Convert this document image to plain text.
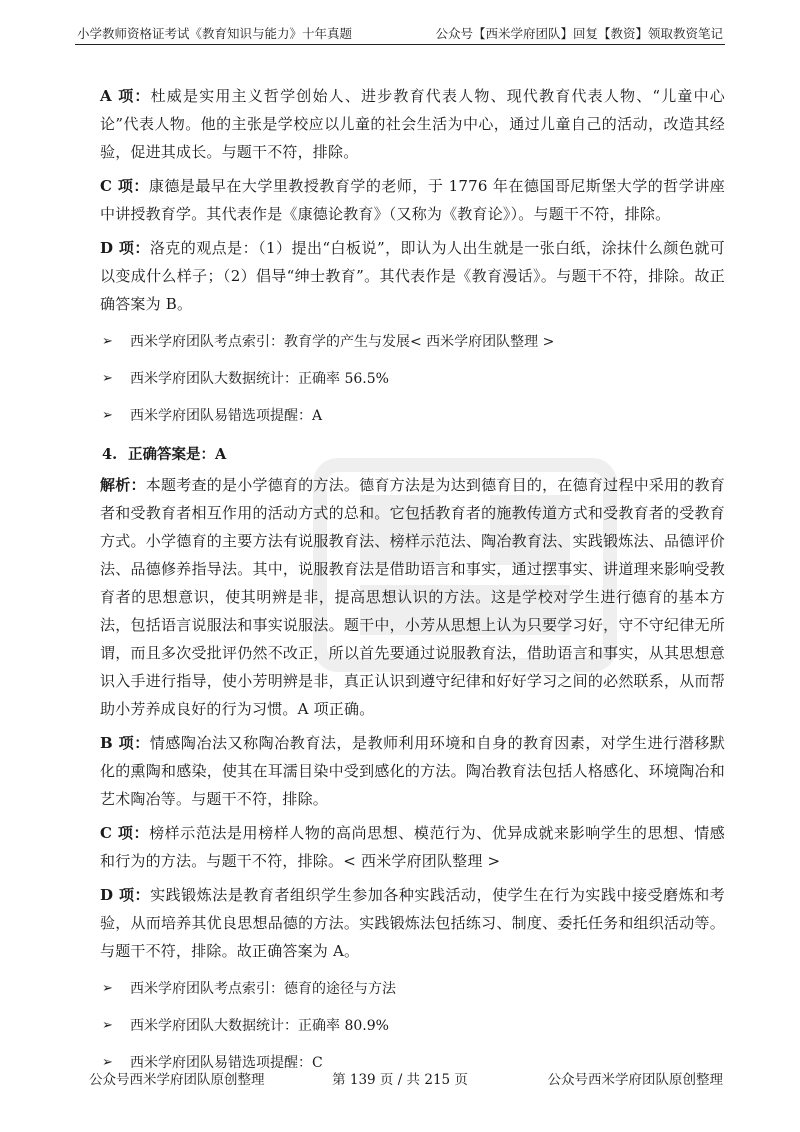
小学教师资格证考试《教育知识与能力》十年真题	公众号【西米学府团队】回复【教资】领取教资笔记

A 项：杜威是实用主义哲学创始人、进步教育代表人物、现代教育代表人物、“儿童中心论”代表人物。他的主张是学校应以儿童的社会生活为中心，通过儿童自己的活动，改造其经验，促进其成长。与题干不符，排除。

C 项：康德是最早在大学里教授教育学的老师，于 1776 年在德国哥尼斯堡大学的哲学讲座中讲授教育学。其代表作是《康德论教育》（又称为《教育论》）。与题干不符，排除。

D 项：洛克的观点是：（1）提出“白板说”，即认为人出生就是一张白纸，涂抹什么颜色就可以变成什么样子；（2）倡导“绅士教育”。其代表作是《教育漫话》。与题干不符，排除。故正确答案为 B。

➢ 西米学府团队考点索引：教育学的产生与发展< 西米学府团队整理 >
➢ 西米学府团队大数据统计：正确率 56.5%
➢ 西米学府团队易错选项提醒：A
4. 正确答案是：A

解析：本题考查的是小学德育的方法。德育方法是为达到德育目的，在德育过程中采用的教育者和受教育者相互作用的活动方式的总和。它包括教育者的施教传道方式和受教育者的受教育方式。小学德育的主要方法有说服教育法、榜样示范法、陶冶教育法、实践锻炼法、品德评价法、品德修养指导法。其中，说服教育法是借助语言和事实，通过摆事实、讲道理来影响受教育者的思想意识，使其明辨是非，提高思想认识的方法。这是学校对学生进行德育的基本方法，包括语言说服法和事实说服法。题干中，小芳从思想上认为只要学习好，守不守纪律无所谓，而且多次受批评仍然不改正，所以首先要通过说服教育法，借助语言和事实，从其思想意识入手进行指导，使小芳明辨是非，真正认识到遵守纪律和好好学习之间的必然联系，从而帮助小芳养成良好的行为习惯。A 项正确。

B 项：情感陶冶法又称陶冶教育法，是教师利用环境和自身的教育因素，对学生进行潜移默化的熏陶和感染，使其在耳濡目染中受到感化的方法。陶冶教育法包括人格感化、环境陶冶和艺术陶冶等。与题干不符，排除。

C 项：榜样示范法是用榜样人物的高尚思想、模范行为、优异成就来影响学生的思想、情感和行为的方法。与题干不符，排除。< 西米学府团队整理 >

D 项：实践锻炼法是教育者组织学生参加各种实践活动，使学生在行为实践中接受磨炼和考验，从而培养其优良思想品德的方法。实践锻炼法包括练习、制度、委托任务和组织活动等。与题干不符，排除。故正确答案为 A。

➢ 西米学府团队考点索引：德育的途径与方法
➢ 西米学府团队大数据统计：正确率 80.9%
➢ 西米学府团队易错选项提醒：C
公众号西米学府团队原创整理	第 139 页 / 共 215 页	公众号西米学府团队原创整理
